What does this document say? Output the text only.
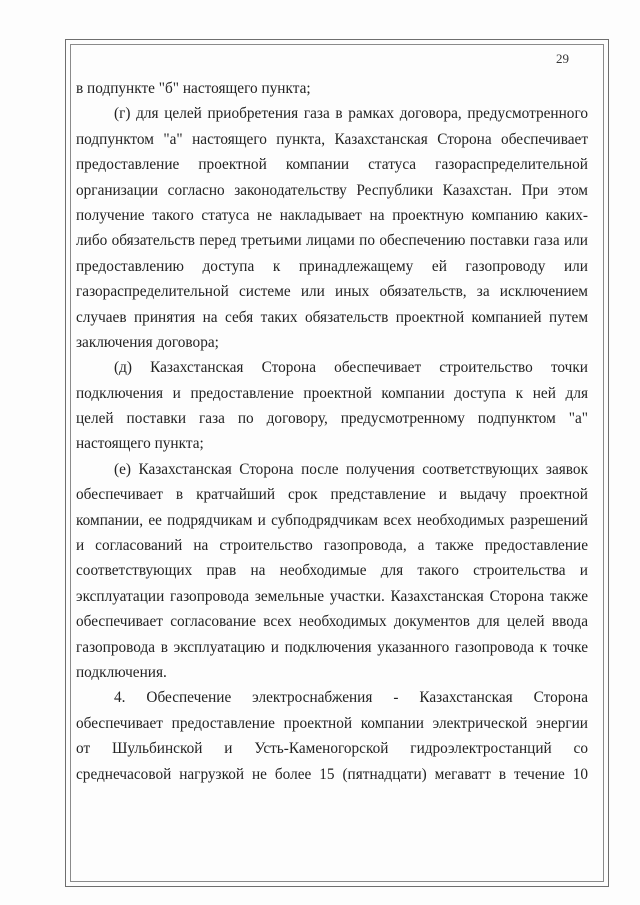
29
в подпункте "б" настоящего пункта;
(г) для целей приобретения газа в рамках договора, предусмотренного
подпунктом "а" настоящего пункта, Казахстанская Сторона обеспечивает
предоставление проектной компании статуса газораспределительной
организации согласно законодательству Республики Казахстан. При этом
получение такого статуса не накладывает на проектную компанию каких-
либо обязательств перед третьими лицами по обеспечению поставки газа или
предоставлению доступа к принадлежащему ей газопроводу или
газораспределительной системе или иных обязательств, за исключением
случаев принятия на себя таких обязательств проектной компанией путем
заключения договора;
(д) Казахстанская Сторона обеспечивает строительство точки
подключения и предоставление проектной компании доступа к ней для
целей поставки газа по договору, предусмотренному подпунктом "а"
настоящего пункта;
(е) Казахстанская Сторона после получения соответствующих заявок
обеспечивает в кратчайший срок представление и выдачу проектной
компании, ее подрядчикам и субподрядчикам всех необходимых разрешений
и согласований на строительство газопровода, а также предоставление
соответствующих прав на необходимые для такого строительства и
эксплуатации газопровода земельные участки. Казахстанская Сторона также
обеспечивает согласование всех необходимых документов для целей ввода
газопровода в эксплуатацию и подключения указанного газопровода к точке
подключения.
4. Обеспечение электроснабжения - Казахстанская Сторона
обеспечивает предоставление проектной компании электрической энергии
от Шульбинской и Усть-Каменогорской гидроэлектростанций со
среднечасовой нагрузкой не более 15 (пятнадцати) мегаватт в течение 10
